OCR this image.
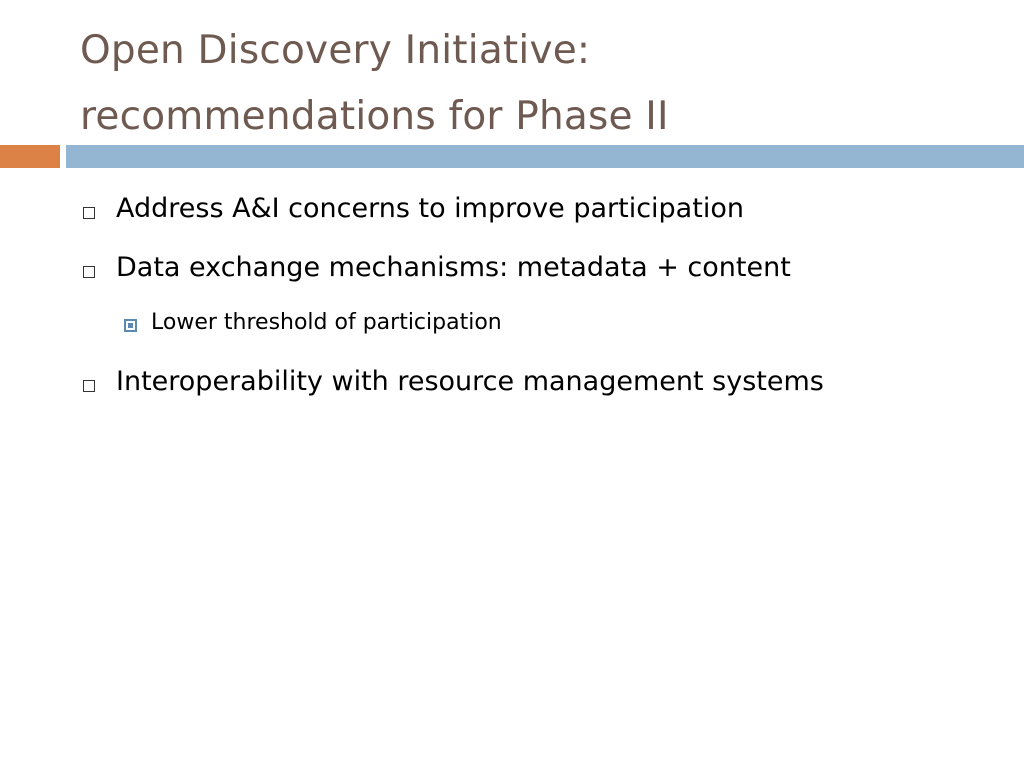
Open Discovery Initiative:
recommendations for Phase II
Address A&I concerns to improve participation
Data exchange mechanisms: metadata + content
Lower threshold of participation
Interoperability with resource management systems
